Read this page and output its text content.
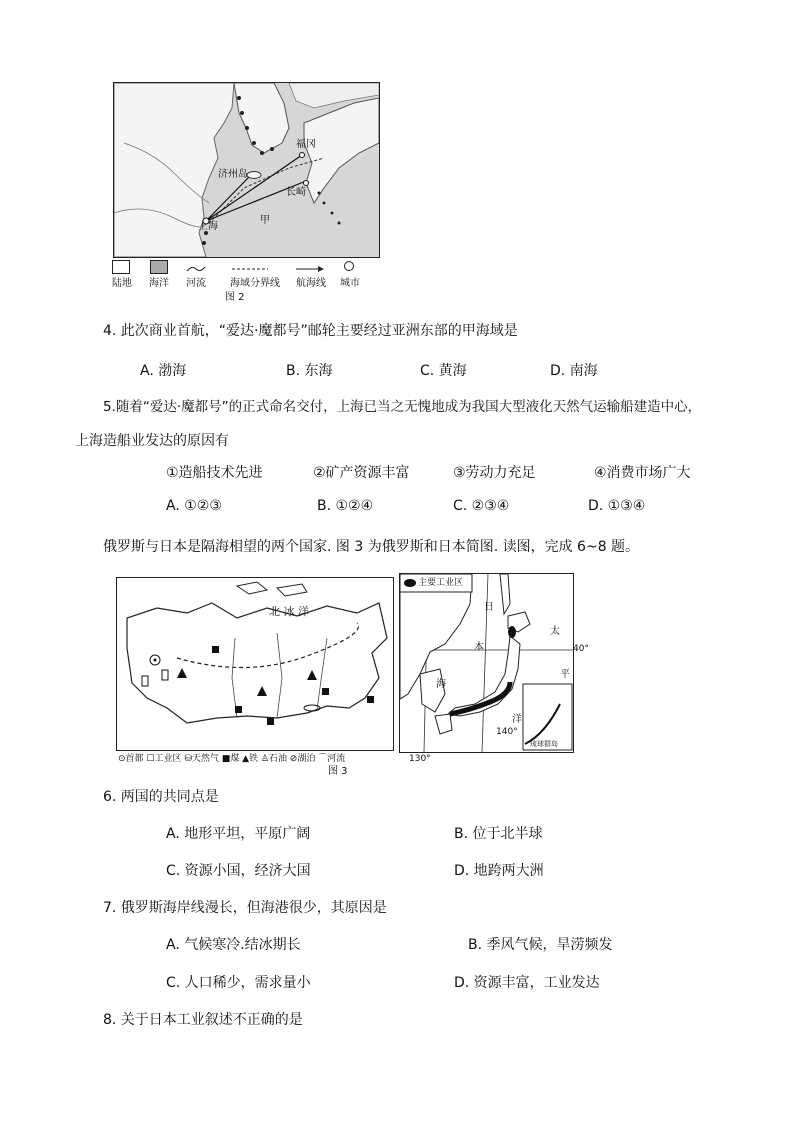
福冈
济州岛
长崎
上海
甲
陆地 海洋 河流 海域分界线 航海线 城市
图 2
4. 此次商业首航，“爱达·魔都号”邮轮主要经过亚洲东部的甲海域是
A. 渤海	B. 东海	C. 黄海	D. 南海
5.随着“爱达·魔都号”的正式命名交付，上海已当之无愧地成为我国大型液化天然气运输船建造中心，
上海造船业发达的原因有
①造船技术先进	②矿产资源丰富	③劳动力充足	④消费市场广大
A. ①②③	B. ①②④	C. ②③④	D. ①③④
俄罗斯与日本是隔海相望的两个国家. 图 3 为俄罗斯和日本简图. 读图，完成 6~8 题。
北 冰 洋
主要工业区
日
太
本
平
海
洋
琉球群岛
140°
40°
130°
⊙首都 ☐工业区 ⛁天然气 ■煤 ▲铁 ♙石油 ⊘湖泊 ⌒河流
图 3
6. 两国的共同点是
A. 地形平坦，平原广阔	B. 位于北半球
C. 资源小国，经济大国	D. 地跨两大洲
7. 俄罗斯海岸线漫长，但海港很少，其原因是
A. 气候寒冷.结冰期长	B. 季风气候，旱涝频发
C. 人口稀少，需求量小	D. 资源丰富，工业发达
8. 关于日本工业叙述不正确的是
